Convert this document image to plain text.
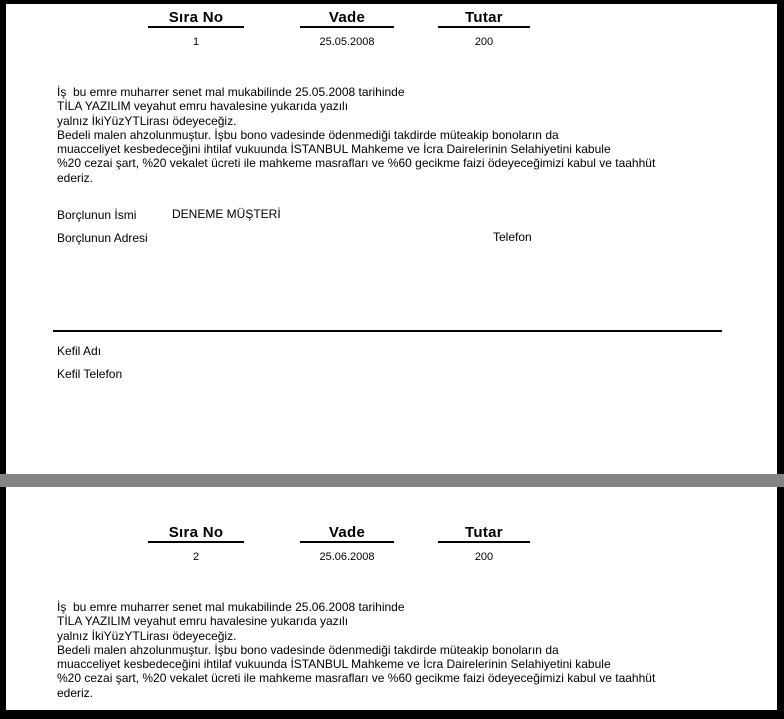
Sıra No	Vade	Tutar
1	25.05.2008	200
İş  bu emre muharrer senet mal mukabilinde 25.05.2008 tarihinde
TİLA YAZILIM veyahut emru havalesine yukarıda yazılı
yalnız İkiYüzYTLirası ödeyeceğiz.
Bedeli malen ahzolunmuştur. İşbu bono vadesinde ödenmediği takdirde müteakip bonoların da
muacceliyet kesbedeceğini ihtilaf vukuunda İSTANBUL Mahkeme ve İcra Dairelerinin Selahiyetini kabule
%20 cezai şart, %20 vekalet ücreti ile mahkeme masrafları ve %60 gecikme faizi ödeyeceğimizi kabul ve taahhüt
ederiz.
Borçlunun İsmi	DENEME MÜŞTERİ
Borçlunun Adresi	Telefon
Kefil Adı
Kefil Telefon
Sıra No	Vade	Tutar
2	25.06.2008	200
İş  bu emre muharrer senet mal mukabilinde 25.06.2008 tarihinde
TİLA YAZILIM veyahut emru havalesine yukarıda yazılı
yalnız İkiYüzYTLirası ödeyeceğiz.
Bedeli malen ahzolunmuştur. İşbu bono vadesinde ödenmediği takdirde müteakip bonoların da
muacceliyet kesbedeceğini ihtilaf vukuunda İSTANBUL Mahkeme ve İcra Dairelerinin Selahiyetini kabule
%20 cezai şart, %20 vekalet ücreti ile mahkeme masrafları ve %60 gecikme faizi ödeyeceğimizi kabul ve taahhüt
ederiz.
